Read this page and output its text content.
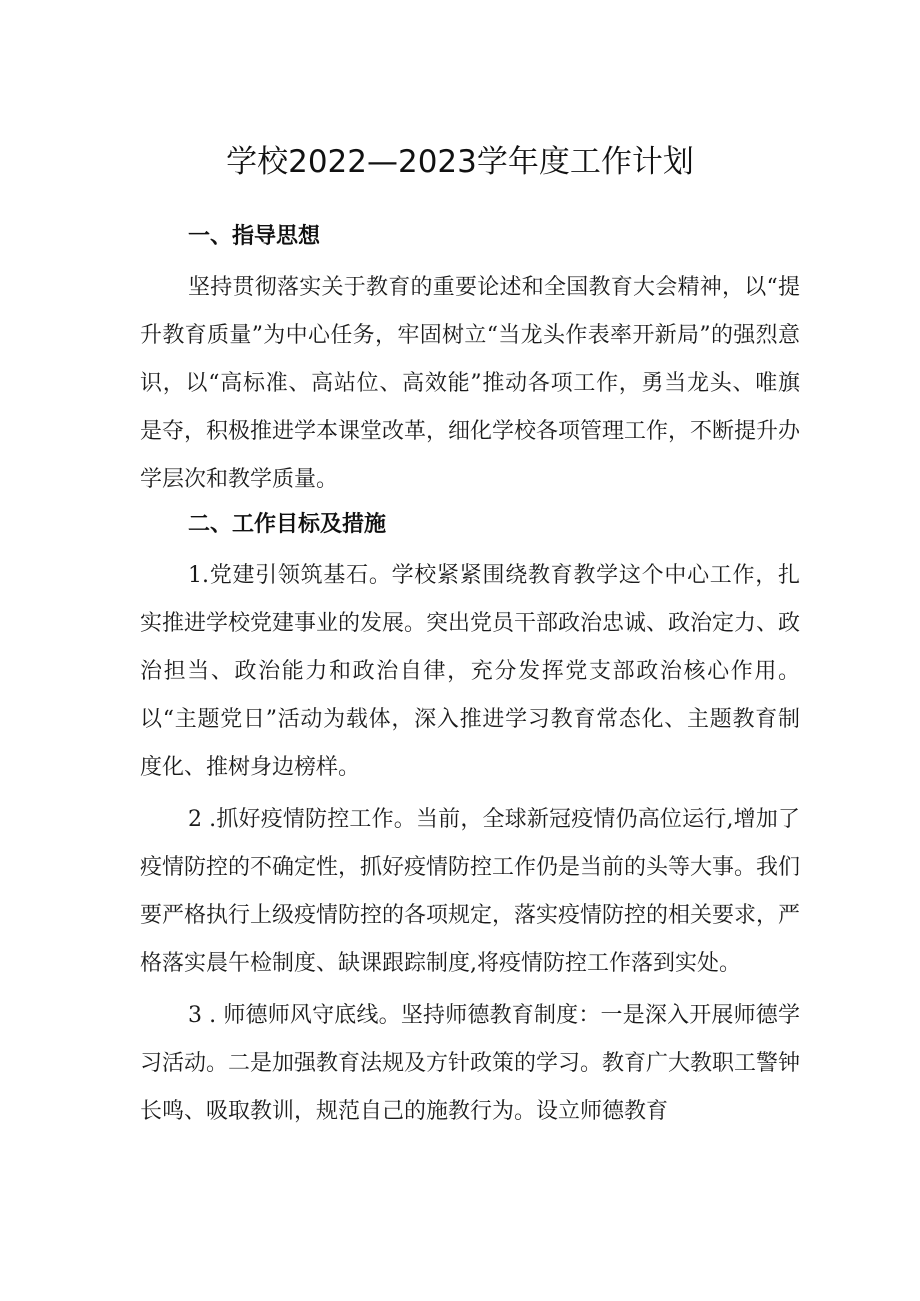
学校2022—2023学年度工作计划
一、指导思想

坚持贯彻落实关于教育的重要论述和全国教育大会精神，以“提升教育质量”为中心任务，牢固树立“当龙头作表率开新局”的强烈意识，以“高标准、高站位、高效能”推动各项工作，勇当龙头、唯旗是夺，积极推进学本课堂改革，细化学校各项管理工作，不断提升办学层次和教学质量。

二、工作目标及措施

1.党建引领筑基石。学校紧紧围绕教育教学这个中心工作，扎实推进学校党建事业的发展。突出党员干部政治忠诚、政治定力、政治担当、政治能力和政治自律，充分发挥党支部政治核心作用。以“主题党日”活动为载体，深入推进学习教育常态化、主题教育制度化、推树身边榜样。

2 .抓好疫情防控工作。当前，全球新冠疫情仍高位运行,增加了疫情防控的不确定性，抓好疫情防控工作仍是当前的头等大事。我们要严格执行上级疫情防控的各项规定，落实疫情防控的相关要求，严格落实晨午检制度、缺课跟踪制度,将疫情防控工作落到实处。

3 . 师德师风守底线。坚持师德教育制度：一是深入开展师德学习活动。二是加强教育法规及方针政策的学习。教育广大教职工警钟长鸣、吸取教训，规范自己的施教行为。设立师德教育
